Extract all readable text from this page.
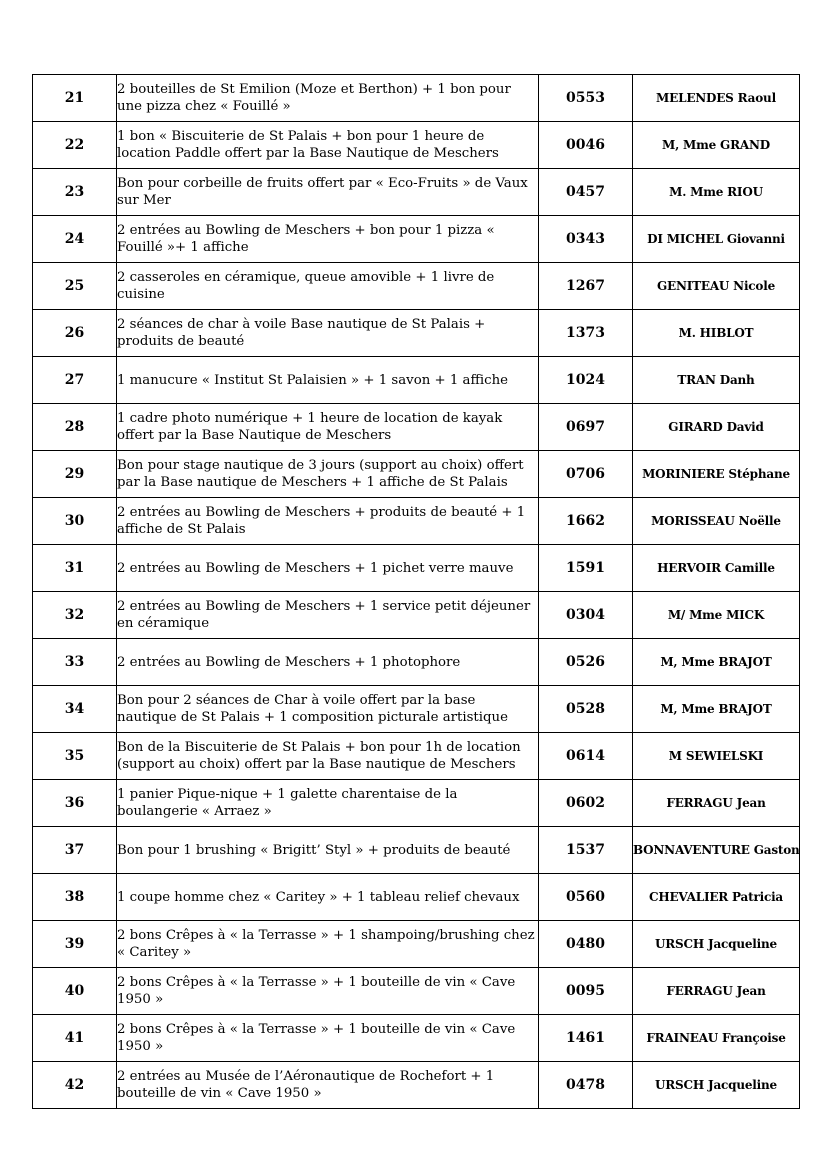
21	2 bouteilles de St Emilion (Moze et Berthon) + 1 bon pour une pizza chez « Fouillé »	0553	MELENDES Raoul
22	1 bon « Biscuiterie de St Palais + bon pour 1 heure de location Paddle offert par la Base Nautique de Meschers	0046	M, Mme GRAND
23	Bon pour corbeille de fruits offert par « Eco-Fruits » de Vaux sur Mer	0457	M. Mme RIOU
24	2 entrées au Bowling de Meschers + bon pour 1 pizza « Fouillé »+ 1 affiche	0343	DI MICHEL Giovanni
25	2 casseroles en céramique, queue amovible + 1 livre de cuisine	1267	GENITEAU Nicole
26	2 séances de char à voile Base nautique de St Palais + produits de beauté	1373	M. HIBLOT
27	1 manucure « Institut St Palaisien » + 1 savon + 1 affiche	1024	TRAN Danh
28	1 cadre photo numérique + 1 heure de location de kayak offert par la Base Nautique de Meschers	0697	GIRARD David
29	Bon pour stage nautique de 3 jours (support au choix) offert par la Base nautique de Meschers + 1 affiche de St Palais	0706	MORINIERE Stéphane
30	2 entrées au Bowling de Meschers + produits de beauté + 1 affiche de St Palais	1662	MORISSEAU Noëlle
31	2 entrées au Bowling de Meschers + 1 pichet verre mauve	1591	HERVOIR Camille
32	2 entrées au Bowling de Meschers + 1 service petit déjeuner en céramique	0304	M/ Mme MICK
33	2 entrées au Bowling de Meschers + 1 photophore	0526	M, Mme BRAJOT
34	Bon pour 2 séances de Char à voile offert par la base nautique de St Palais + 1 composition picturale artistique	0528	M, Mme BRAJOT
35	Bon de la Biscuiterie de St Palais + bon pour 1h de location (support au choix) offert par la Base nautique de Meschers	0614	M SEWIELSKI
36	1 panier Pique-nique + 1 galette charentaise de la boulangerie « Arraez »	0602	FERRAGU Jean
37	Bon pour 1 brushing « Brigitt’ Styl » + produits de beauté	1537	BONNAVENTURE Gaston
38	1 coupe homme chez « Caritey » + 1 tableau relief chevaux	0560	CHEVALIER Patricia
39	2 bons Crêpes à « la Terrasse » + 1 shampoing/brushing chez « Caritey »	0480	URSCH Jacqueline
40	2 bons Crêpes à « la Terrasse » + 1 bouteille de vin « Cave 1950 »	0095	FERRAGU Jean
41	2 bons Crêpes à « la Terrasse » + 1 bouteille de vin « Cave 1950 »	1461	FRAINEAU Françoise
42	2 entrées au Musée de l’Aéronautique de Rochefort + 1 bouteille de vin « Cave 1950 »	0478	URSCH Jacqueline
